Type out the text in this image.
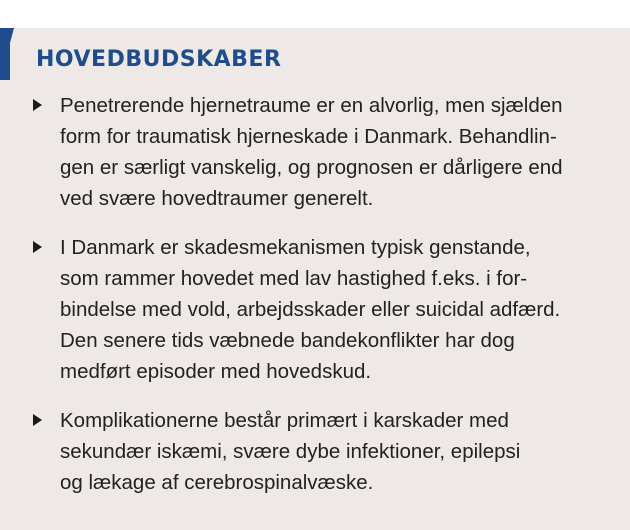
HOVEDBUDSKABER
Penetrerende hjernetraume er en alvorlig, men sjælden
form for traumatisk hjerneskade i Danmark. Behandlin-
gen er særligt vanskelig, og prognosen er dårligere end
ved svære hovedtraumer generelt.
I Danmark er skadesmekanismen typisk genstande,
som rammer hovedet med lav hastighed f.eks. i for-
bindelse med vold, arbejdsskader eller suicidal adfærd.
Den senere tids væbnede bandekonflikter har dog
medført episoder med hovedskud.
Komplikationerne består primært i karskader med
sekundær iskæmi, svære dybe infektioner, epilepsi
og lækage af cerebrospinalvæske.
